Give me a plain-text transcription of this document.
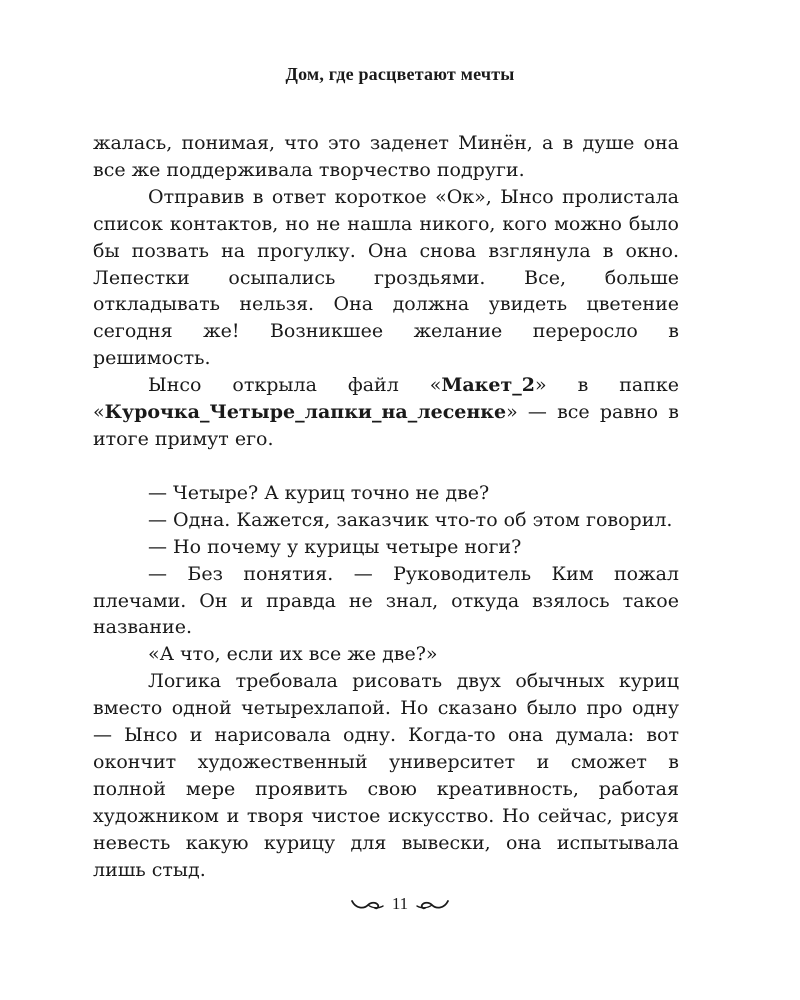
Дом, где расцветают мечты

жалась, понимая, что это заденет Минён, а в душе она все же поддерживала творчество подруги.

Отправив в ответ короткое «Ок», Ынсо пролистала список контактов, но не нашла никого, кого можно было бы позвать на прогулку. Она снова взглянула в окно. Лепестки осыпались гроздьями. Все, больше откладывать нельзя. Она должна увидеть цветение сегодня же! Возникшее желание переросло в решимость.

Ынсо открыла файл «Макет_2» в папке «Курочка_Четыре_лапки_на_лесенке» — все равно в итоге примут его.

— Четыре? А куриц точно не две?

— Одна. Кажется, заказчик что-то об этом говорил.

— Но почему у курицы четыре ноги?

— Без понятия. — Руководитель Ким пожал плечами. Он и правда не знал, откуда взялось такое название.

«А что, если их все же две?»

Логика требовала рисовать двух обычных куриц вместо одной четырехлапой. Но сказано было про одну — Ынсо и нарисовала одну. Когда-то она думала: вот окончит художественный университет и сможет в полной мере проявить свою креативность, работая художником и творя чистое искусство. Но сейчас, рисуя невесть какую курицу для вывески, она испытывала лишь стыд.

11
